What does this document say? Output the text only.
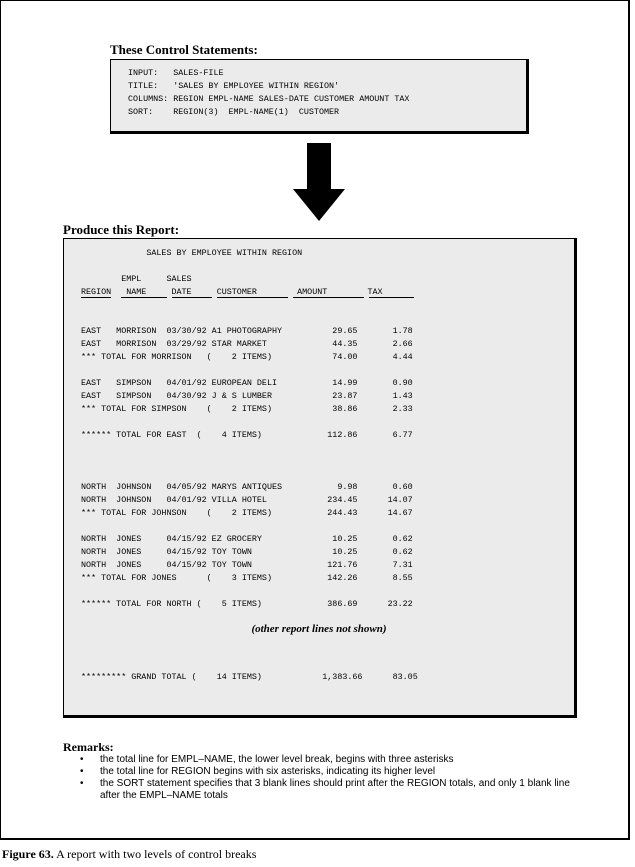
These Control Statements:
INPUT:   SALES-FILE
TITLE:   'SALES BY EMPLOYEE WITHIN REGION'
COLUMNS: REGION EMPL-NAME SALES-DATE CUSTOMER AMOUNT TAX
SORT:    REGION(3)  EMPL-NAME(1)  CUSTOMER
Produce this Report:
SALES BY EMPLOYEE WITHIN REGION
EMPL     SALES
REGION   NAME     DATE     CUSTOMER        AMOUNT        TAX
EAST   MORRISON  03/30/92 A1 PHOTOGRAPHY          29.65       1.78
EAST   MORRISON  03/29/92 STAR MARKET             44.35       2.66
*** TOTAL FOR MORRISON   (    2 ITEMS)            74.00       4.44
EAST   SIMPSON   04/01/92 EUROPEAN DELI           14.99       0.90
EAST   SIMPSON   04/30/92 J & S LUMBER            23.87       1.43
*** TOTAL FOR SIMPSON    (    2 ITEMS)            38.86       2.33
****** TOTAL FOR EAST  (    4 ITEMS)             112.86       6.77
NORTH  JOHNSON   04/05/92 MARYS ANTIQUES           9.98       0.60
NORTH  JOHNSON   04/01/92 VILLA HOTEL            234.45      14.07
*** TOTAL FOR JOHNSON    (    2 ITEMS)           244.43      14.67
NORTH  JONES     04/15/92 EZ GROCERY              10.25       0.62
NORTH  JONES     04/15/92 TOY TOWN                10.25       0.62
NORTH  JONES     04/15/92 TOY TOWN               121.76       7.31
*** TOTAL FOR JONES      (    3 ITEMS)           142.26       8.55
****** TOTAL FOR NORTH (    5 ITEMS)             386.69      23.22
(other report lines not shown)
********* GRAND TOTAL (    14 ITEMS)            1,383.66      83.05
Remarks:
• the total line for EMPL–NAME, the lower level break, begins with three asterisks
• the total line for REGION begins with six asterisks, indicating its higher level
• the SORT statement specifies that 3 blank lines should print after the REGION totals, and only 1 blank line after the EMPL–NAME totals
Figure 63. A report with two levels of control breaks
